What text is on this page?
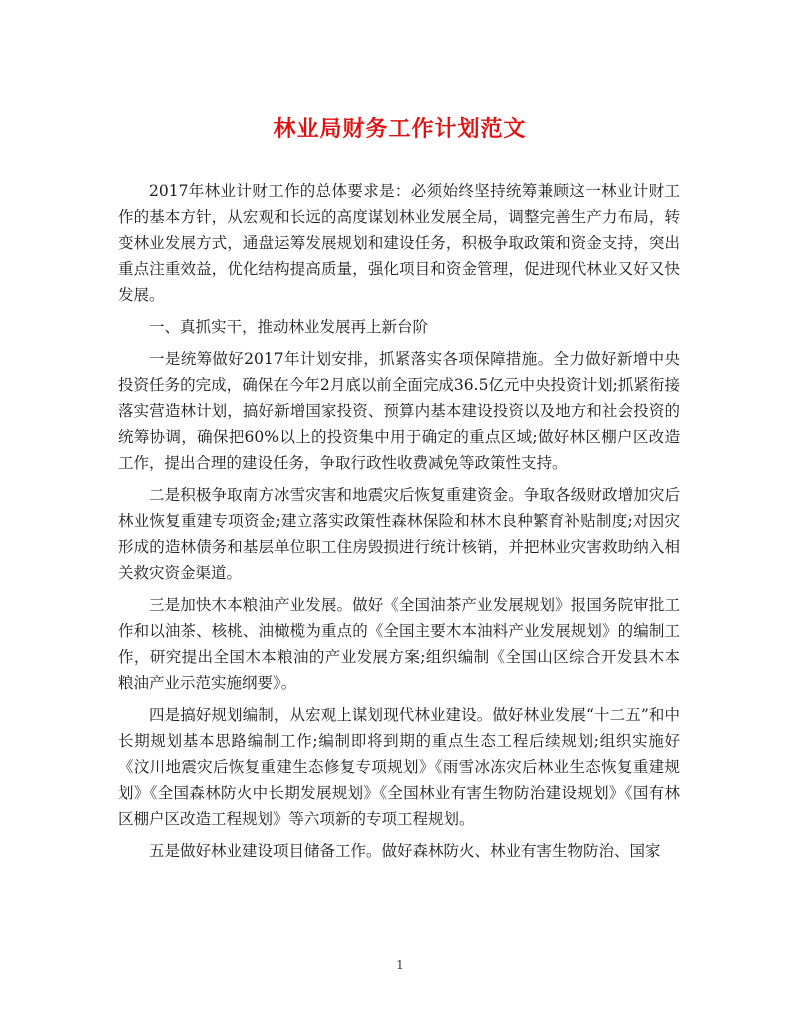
林业局财务工作计划范文

2017年林业计财工作的总体要求是：必须始终坚持统筹兼顾这一林业计财工作的基本方针，从宏观和长远的高度谋划林业发展全局，调整完善生产力布局，转变林业发展方式，通盘运筹发展规划和建设任务，积极争取政策和资金支持，突出重点注重效益，优化结构提高质量，强化项目和资金管理，促进现代林业又好又快发展。

一、真抓实干，推动林业发展再上新台阶

一是统筹做好2017年计划安排，抓紧落实各项保障措施。全力做好新增中央投资任务的完成，确保在今年2月底以前全面完成36.5亿元中央投资计划;抓紧衔接落实营造林计划，搞好新增国家投资、预算内基本建设投资以及地方和社会投资的统筹协调，确保把60%以上的投资集中用于确定的重点区域;做好林区棚户区改造工作，提出合理的建设任务，争取行政性收费减免等政策性支持。

二是积极争取南方冰雪灾害和地震灾后恢复重建资金。争取各级财政增加灾后林业恢复重建专项资金;建立落实政策性森林保险和林木良种繁育补贴制度;对因灾形成的造林债务和基层单位职工住房毁损进行统计核销，并把林业灾害救助纳入相关救灾资金渠道。

三是加快木本粮油产业发展。做好《全国油茶产业发展规划》报国务院审批工作和以油茶、核桃、油橄榄为重点的《全国主要木本油料产业发展规划》的编制工作，研究提出全国木本粮油的产业发展方案;组织编制《全国山区综合开发县木本粮油产业示范实施纲要》。

四是搞好规划编制，从宏观上谋划现代林业建设。做好林业发展“十二五”和中长期规划基本思路编制工作;编制即将到期的重点生态工程后续规划;组织实施好《汶川地震灾后恢复重建生态修复专项规划》《雨雪冰冻灾后林业生态恢复重建规划》《全国森林防火中长期发展规划》《全国林业有害生物防治建设规划》《国有林区棚户区改造工程规划》等六项新的专项工程规划。

五是做好林业建设项目储备工作。做好森林防火、林业有害生物防治、国家

1
